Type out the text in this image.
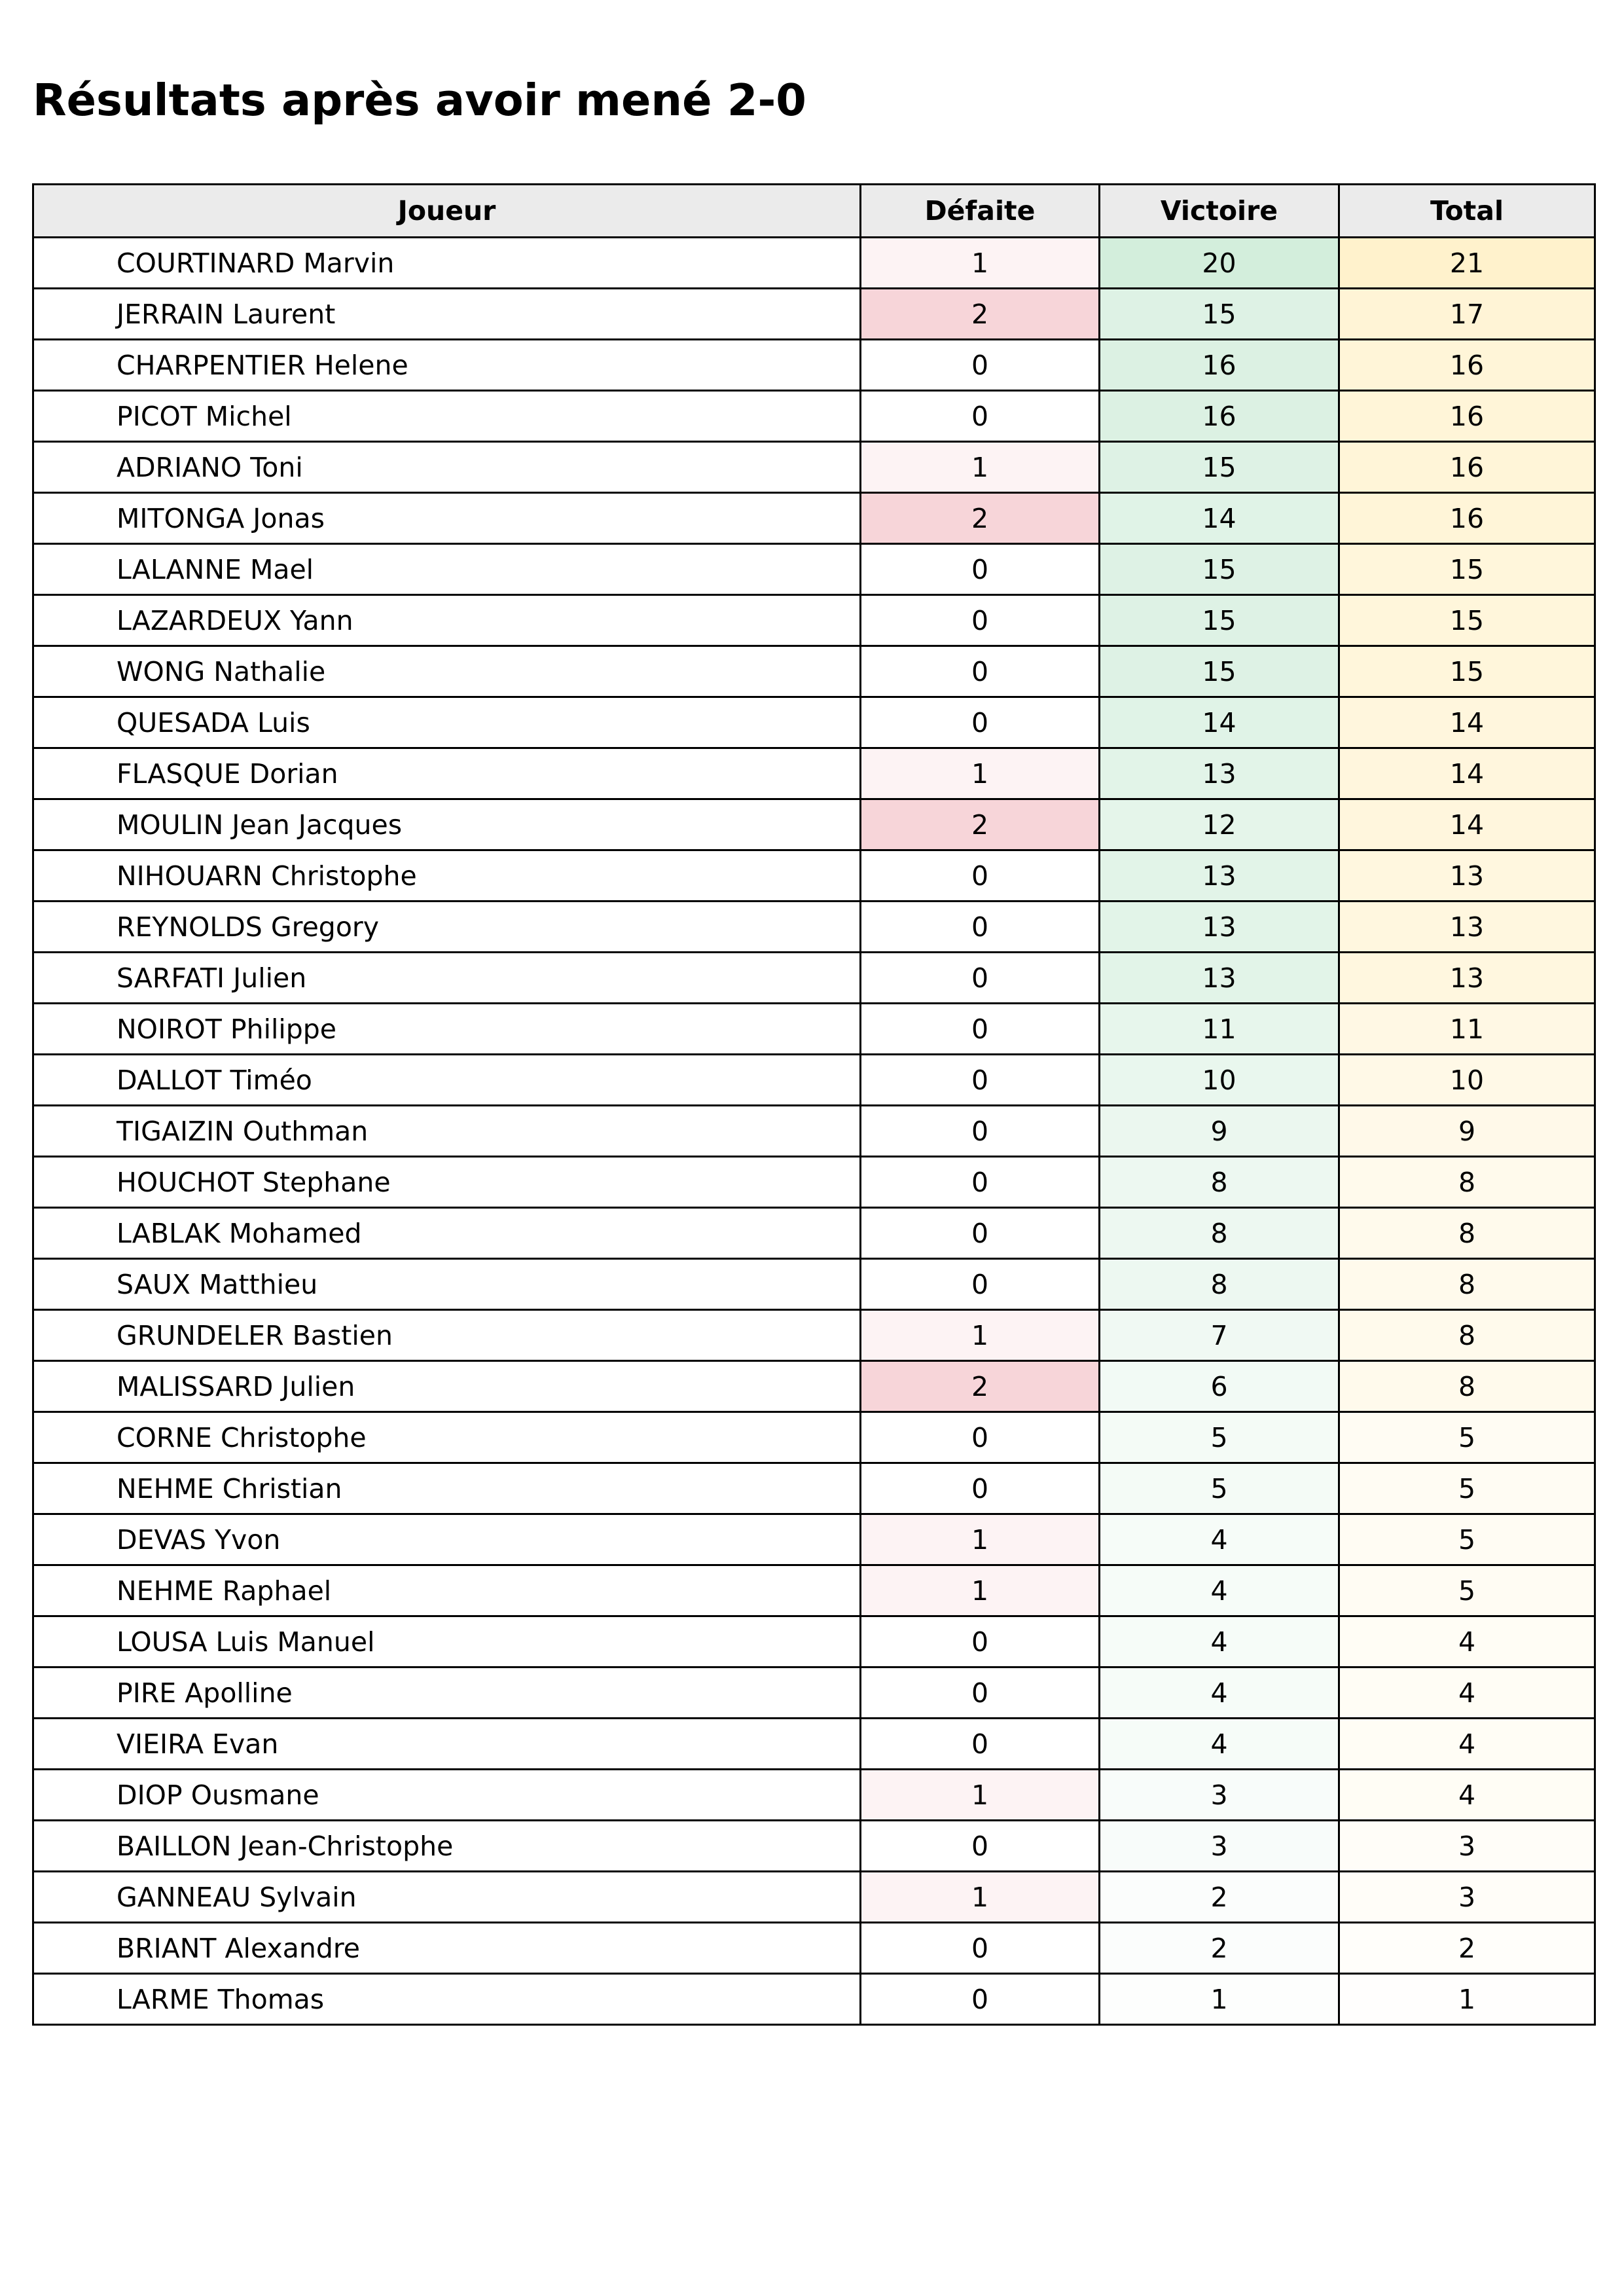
Résultats après avoir mené 2-0
Joueur	Défaite	Victoire	Total
COURTINARD Marvin	1	20	21
JERRAIN Laurent	2	15	17
CHARPENTIER Helene	0	16	16
PICOT Michel	0	16	16
ADRIANO Toni	1	15	16
MITONGA Jonas	2	14	16
LALANNE Mael	0	15	15
LAZARDEUX Yann	0	15	15
WONG Nathalie	0	15	15
QUESADA Luis	0	14	14
FLASQUE Dorian	1	13	14
MOULIN Jean Jacques	2	12	14
NIHOUARN Christophe	0	13	13
REYNOLDS Gregory	0	13	13
SARFATI Julien	0	13	13
NOIROT Philippe	0	11	11
DALLOT Timéo	0	10	10
TIGAIZIN Outhman	0	9	9
HOUCHOT Stephane	0	8	8
LABLAK Mohamed	0	8	8
SAUX Matthieu	0	8	8
GRUNDELER Bastien	1	7	8
MALISSARD Julien	2	6	8
CORNE Christophe	0	5	5
NEHME Christian	0	5	5
DEVAS Yvon	1	4	5
NEHME Raphael	1	4	5
LOUSA Luis Manuel	0	4	4
PIRE Apolline	0	4	4
VIEIRA Evan	0	4	4
DIOP Ousmane	1	3	4
BAILLON Jean-Christophe	0	3	3
GANNEAU Sylvain	1	2	3
BRIANT Alexandre	0	2	2
LARME Thomas	0	1	1
